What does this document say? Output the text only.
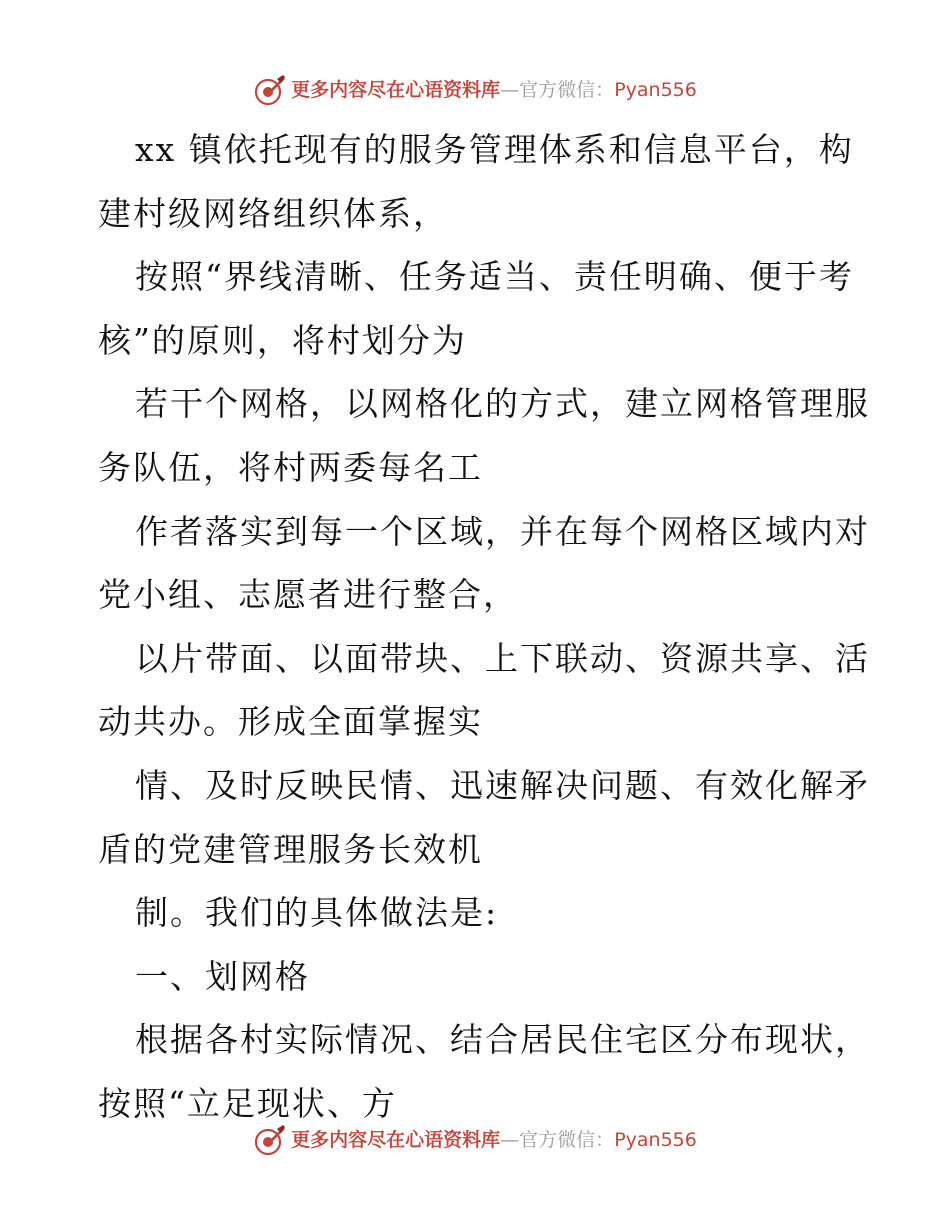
更多内容尽在心语资料库 — 官方微信： Pyan556
xx 镇依托现有的服务管理体系和信息平台，构
建村级网络组织体系，
按照“界线清晰、任务适当、责任明确、便于考
核”的原则，将村划分为
若干个网格，以网格化的方式，建立网格管理服
务队伍，将村两委每名工
作者落实到每一个区域，并在每个网格区域内对
党小组、志愿者进行整合，
以片带面、以面带块、上下联动、资源共享、活
动共办。形成全面掌握实
情、及时反映民情、迅速解决问题、有效化解矛
盾的党建管理服务长效机
制。我们的具体做法是:
一、划网格
根据各村实际情况、结合居民住宅区分布现状，
按照“立足现状、方
更多内容尽在心语资料库 — 官方微信： Pyan556
